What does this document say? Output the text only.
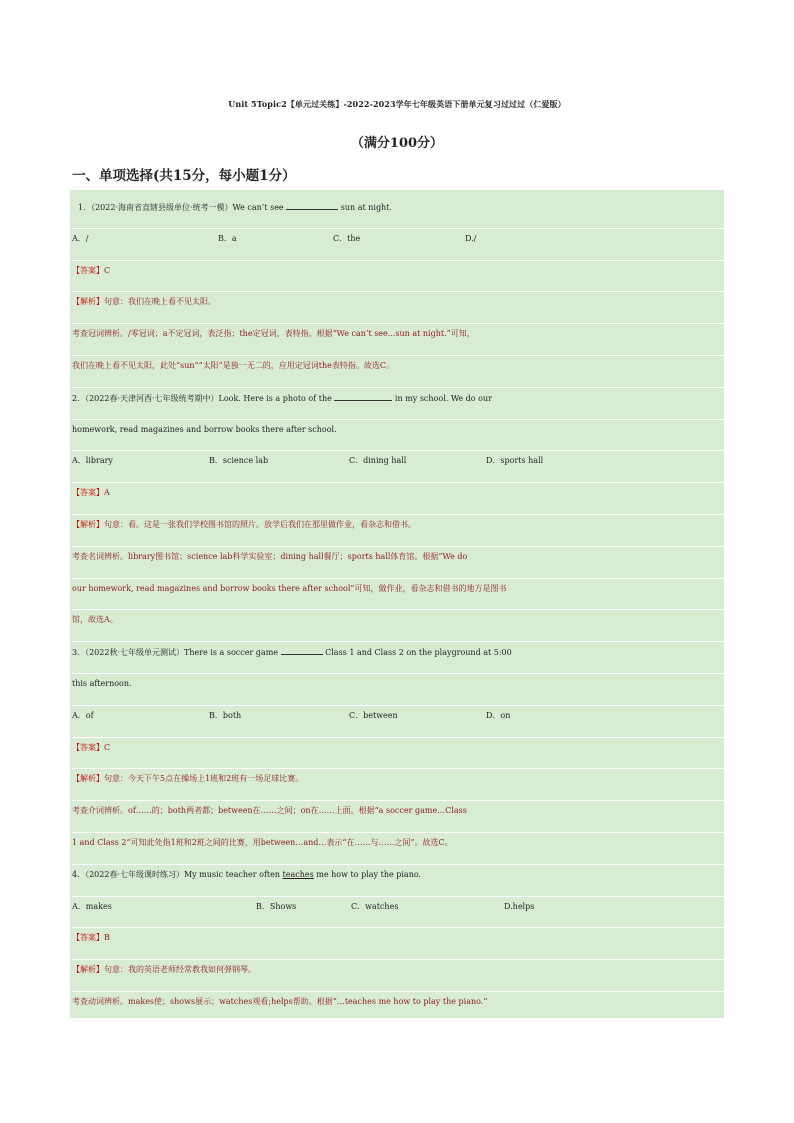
Unit 5Topic2【单元过关练】-2022-2023学年七年级英语下册单元复习过过过（仁爱版）
（满分100分）
一、单项选择(共15分，每小题1分）
1．（2022·海南省直辖县级单位·统考一模）We can’t see	sun at night.
A．/	B．a	C．the	D./
【答案】C
【解析】句意：我们在晚上看不见太阳。
考查冠词辨析。/零冠词；a不定冠词，表泛指；the定冠词，表特指。根据“We can’t see...sun at night.”可知，
我们在晚上看不见太阳，此处“sun”“太阳”是独一无二的，应用定冠词the表特指。故选C。
2．（2022春·天津河西·七年级统考期中）Look. Here is a photo of the	in my school. We do our
homework, read magazines and borrow books there after school.
A．library	B．science lab	C．dining hall	D．sports hall
【答案】A
【解析】句意：看。这是一张我们学校图书馆的照片。放学后我们在那里做作业，看杂志和借书。
考查名词辨析。library图书馆；science lab科学实验室；dining hall餐厅；sports hall体育馆。根据“We do
our homework, read magazines and borrow books there after school”可知，做作业，看杂志和借书的地方是图书
馆，故选A。
3．（2022秋·七年级单元测试）There is a soccer game	Class 1 and Class 2 on the playground at 5:00
this afternoon.
A．of	B．both	C．between	D．on
【答案】C
【解析】句意：今天下午5点在操场上1班和2班有一场足球比赛。
考查介词辨析。of……的；both两者都；between在……之间；on在……上面。根据“a soccer game…Class
1 and Class 2”可知此处指1班和2班之间的比赛，用between…and…表示“在……与……之间”。故选C。
4．（2022春·七年级课时练习）My music teacher often teaches me how to play the piano.
A．makes	B．Shows	C．watches	D.helps
【答案】B
【解析】句意：我的英语老师经常教我如何弹钢琴。
考查动词辨析。makes使；shows展示；watches观看;helps帮助。根据“…teaches me how to play the piano.”
